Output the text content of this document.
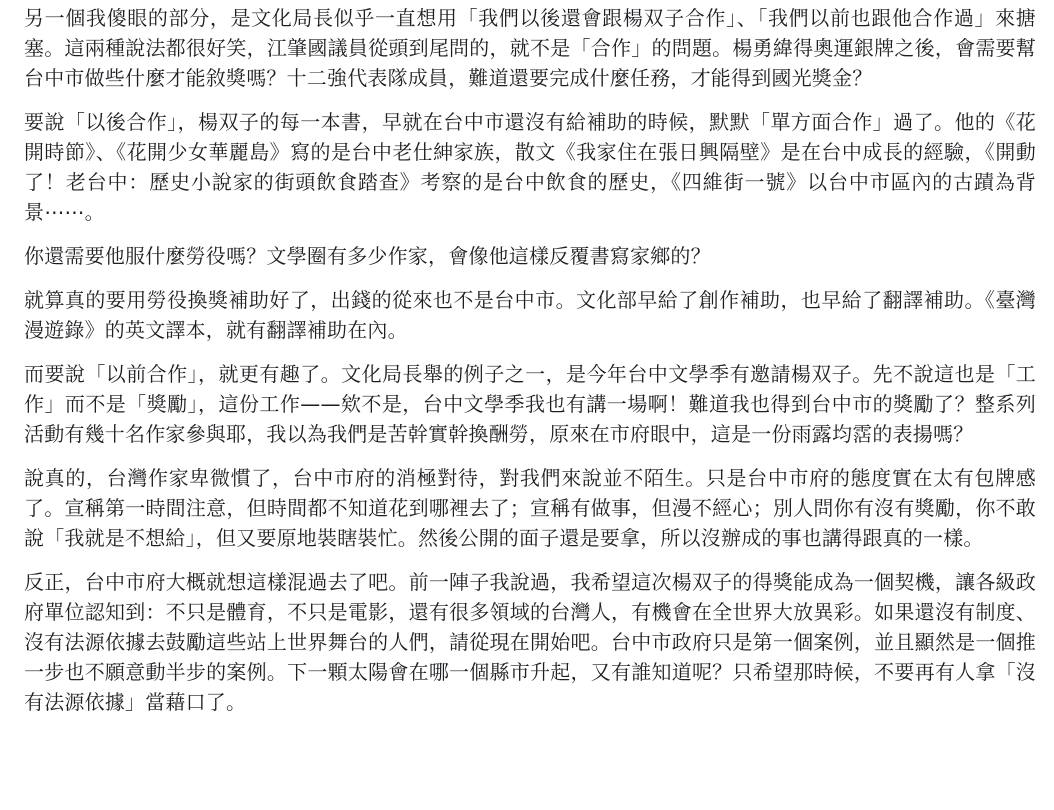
另一個我傻眼的部分，是文化局長似乎一直想用「我們以後還會跟楊双子合作」、「我們以前也跟他合作過」來搪塞。這兩種說法都很好笑，江肇國議員從頭到尾問的，就不是「合作」的問題。楊勇緯得奧運銀牌之後，會需要幫台中市做些什麼才能敘獎嗎？十二強代表隊成員，難道還要完成什麼任務，才能得到國光獎金？

要說「以後合作」，楊双子的每一本書，早就在台中市還沒有給補助的時候，默默「單方面合作」過了。他的《花開時節》、《花開少女華麗島》寫的是台中老仕紳家族，散文《我家住在張日興隔壁》是在台中成長的經驗，《開動了！老台中：歷史小說家的街頭飲食踏查》考察的是台中飲食的歷史，《四維街一號》以台中市區內的古蹟為背景⋯⋯。

你還需要他服什麼勞役嗎？文學圈有多少作家，會像他這樣反覆書寫家鄉的？

就算真的要用勞役換獎補助好了，出錢的從來也不是台中市。文化部早給了創作補助，也早給了翻譯補助。《臺灣漫遊錄》的英文譯本，就有翻譯補助在內。

而要說「以前合作」，就更有趣了。文化局長舉的例子之一，是今年台中文學季有邀請楊双子。先不說這也是「工作」而不是「獎勵」，這份工作——欸不是，台中文學季我也有講一場啊！難道我也得到台中市的獎勵了？整系列活動有幾十名作家參與耶，我以為我們是苦幹實幹換酬勞，原來在市府眼中，這是一份雨露均霑的表揚嗎？

說真的，台灣作家卑微慣了，台中市府的消極對待，對我們來說並不陌生。只是台中市府的態度實在太有包牌感了。宣稱第一時間注意，但時間都不知道花到哪裡去了；宣稱有做事，但漫不經心；別人問你有沒有獎勵，你不敢說「我就是不想給」，但又要原地裝瞎裝忙。然後公開的面子還是要拿，所以沒辦成的事也講得跟真的一樣。

反正，台中市府大概就想這樣混過去了吧。前一陣子我說過，我希望這次楊双子的得獎能成為一個契機，讓各級政府單位認知到：不只是體育，不只是電影，還有很多領域的台灣人，有機會在全世界大放異彩。如果還沒有制度、沒有法源依據去鼓勵這些站上世界舞台的人們，請從現在開始吧。台中市政府只是第一個案例，並且顯然是一個推一步也不願意動半步的案例。下一顆太陽會在哪一個縣市升起，又有誰知道呢？只希望那時候，不要再有人拿「沒有法源依據」當藉口了。
